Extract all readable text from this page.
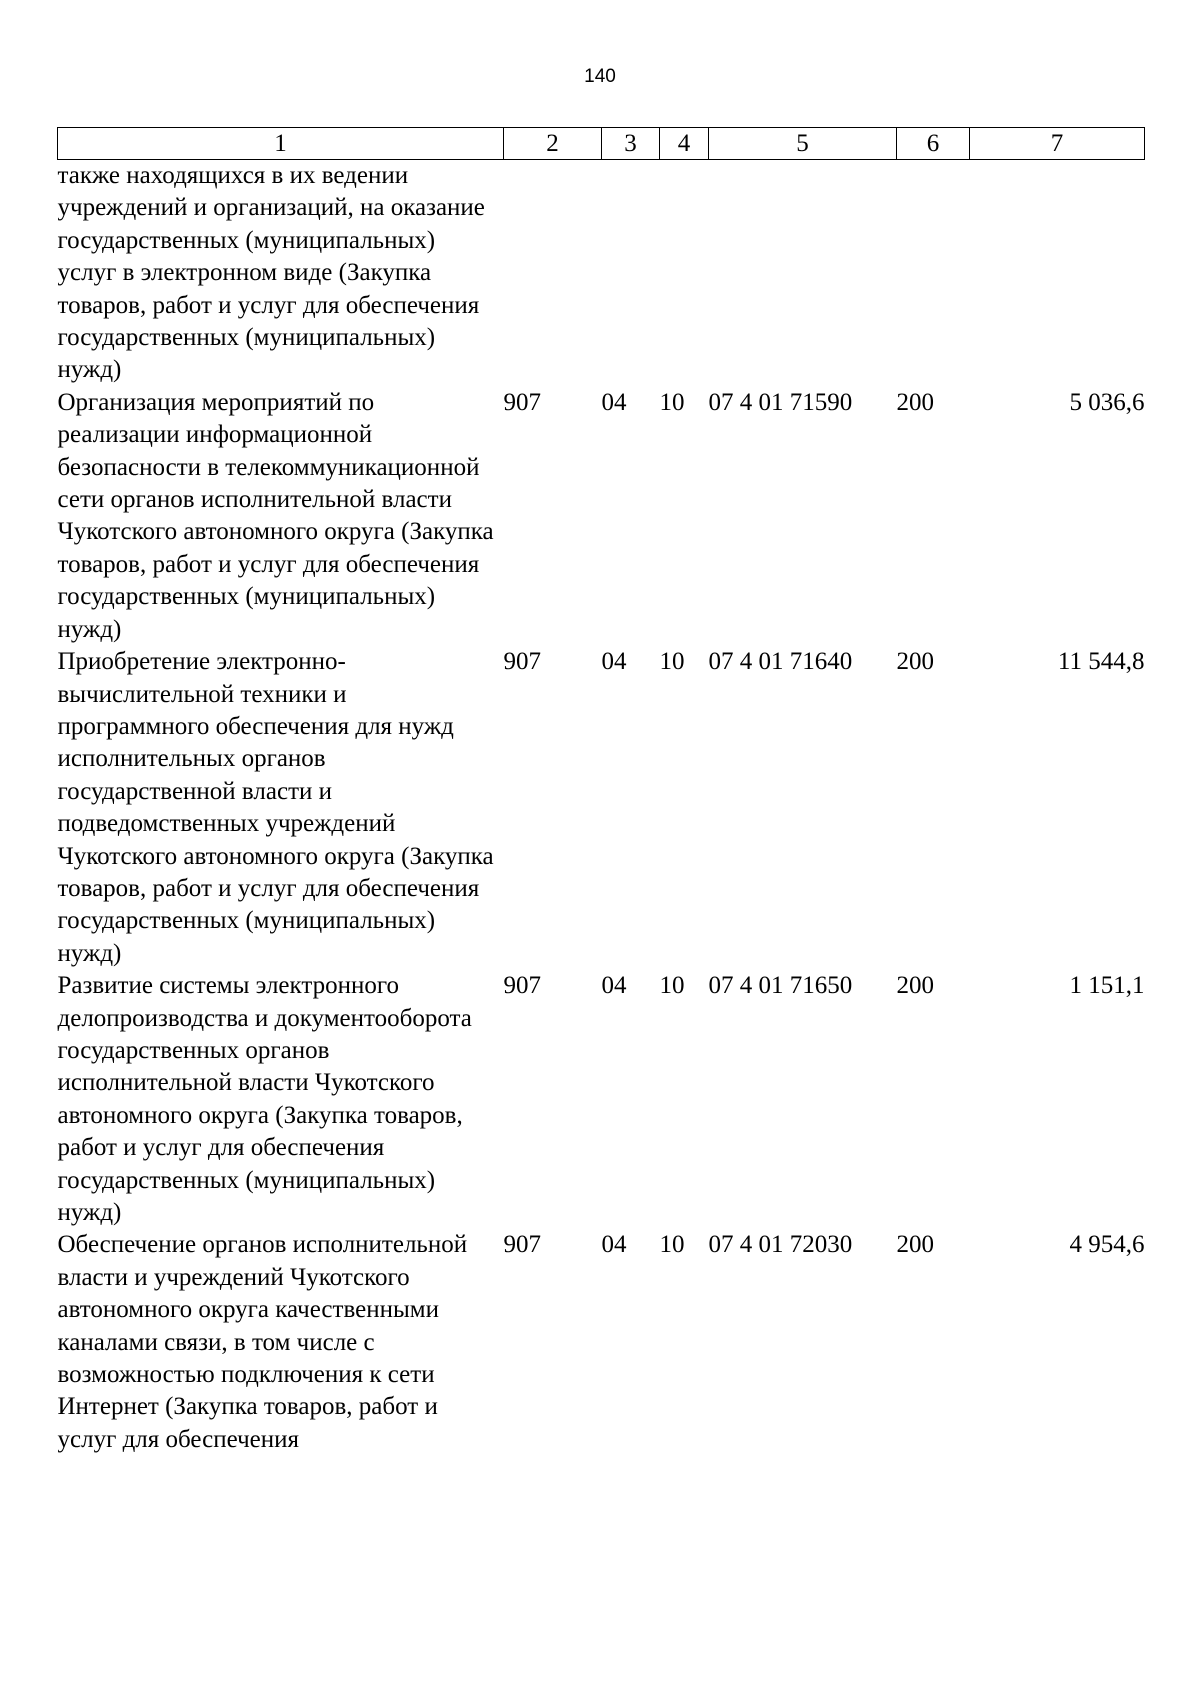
140
1	2	3	4	5	6	7
также находящихся в их ведении учреждений и организаций, на оказание государственных (муниципальных) услуг в электронном виде (Закупка товаров, работ и услуг для обеспечения государственных (муниципальных) нужд)						
Организация мероприятий по реализации информационной безопасности в телекоммуникационной сети органов исполнительной власти Чукотского автономного округа (Закупка товаров, работ и услуг для обеспечения государственных (муниципальных) нужд)	907	04	10	07 4 01 71590	200	5 036,6
Приобретение электронно-вычислительной техники и программного обеспечения для нужд исполнительных органов государственной власти и подведомственных учреждений Чукотского автономного округа (Закупка товаров, работ и услуг для обеспечения государственных (муниципальных) нужд)	907	04	10	07 4 01 71640	200	11 544,8
Развитие системы электронного делопроизводства и документооборота государственных органов исполнительной власти Чукотского автономного округа (Закупка товаров, работ и услуг для обеспечения государственных (муниципальных) нужд)	907	04	10	07 4 01 71650	200	1 151,1
Обеспечение органов исполнительной власти и учреждений Чукотского автономного округа качественными каналами связи, в том числе с возможностью подключения к сети Интернет (Закупка товаров, работ и услуг для обеспечения	907	04	10	07 4 01 72030	200	4 954,6
